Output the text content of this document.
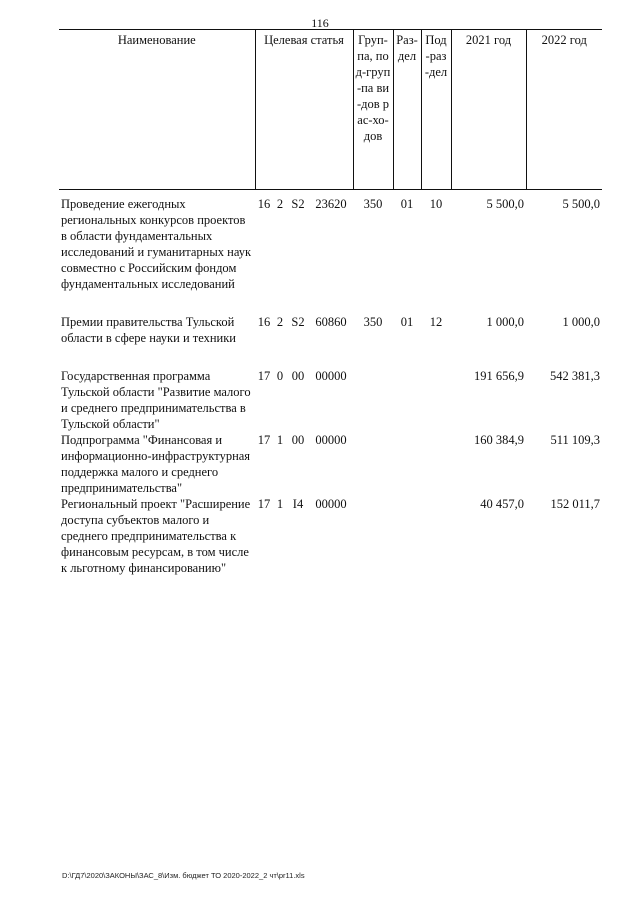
116
Наименование	Целевая статья				Груп-па, под-груп-па ви-дов рас-хо-дов	Раз-дел	Под-раз-дел	2021 год	2022 год

Проведение ежегодных региональных конкурсов проектов в области фундаментальных исследований и гуманитарных наук совместно с Российским фондом фундаментальных исследований	16	2	S2	23620	350	01	10	5 500,0	5 500,0

Премии правительства Тульской области в сфере науки и техники	16	2	S2	60860	350	01	12	1 000,0	1 000,0

Государственная программа Тульской области "Развитие малого и среднего предпринимательства в Тульской области"	17	0	00	00000				191 656,9	542 381,3
Подпрограмма "Финансовая и информационно-инфраструктурная поддержка малого и среднего предпринимательства"	17	1	00	00000				160 384,9	511 109,3
Региональный проект "Расширение доступа субъектов малого и среднего предпринимательства к финансовым ресурсам, в том числе к льготному финансированию"	17	1	I4	00000				40 457,0	152 011,7
D:\ГД7\2020\ЗАКОНЫ\ЗАС_8\Изм. бюджет ТО 2020-2022_2 чт\pr11.xls
